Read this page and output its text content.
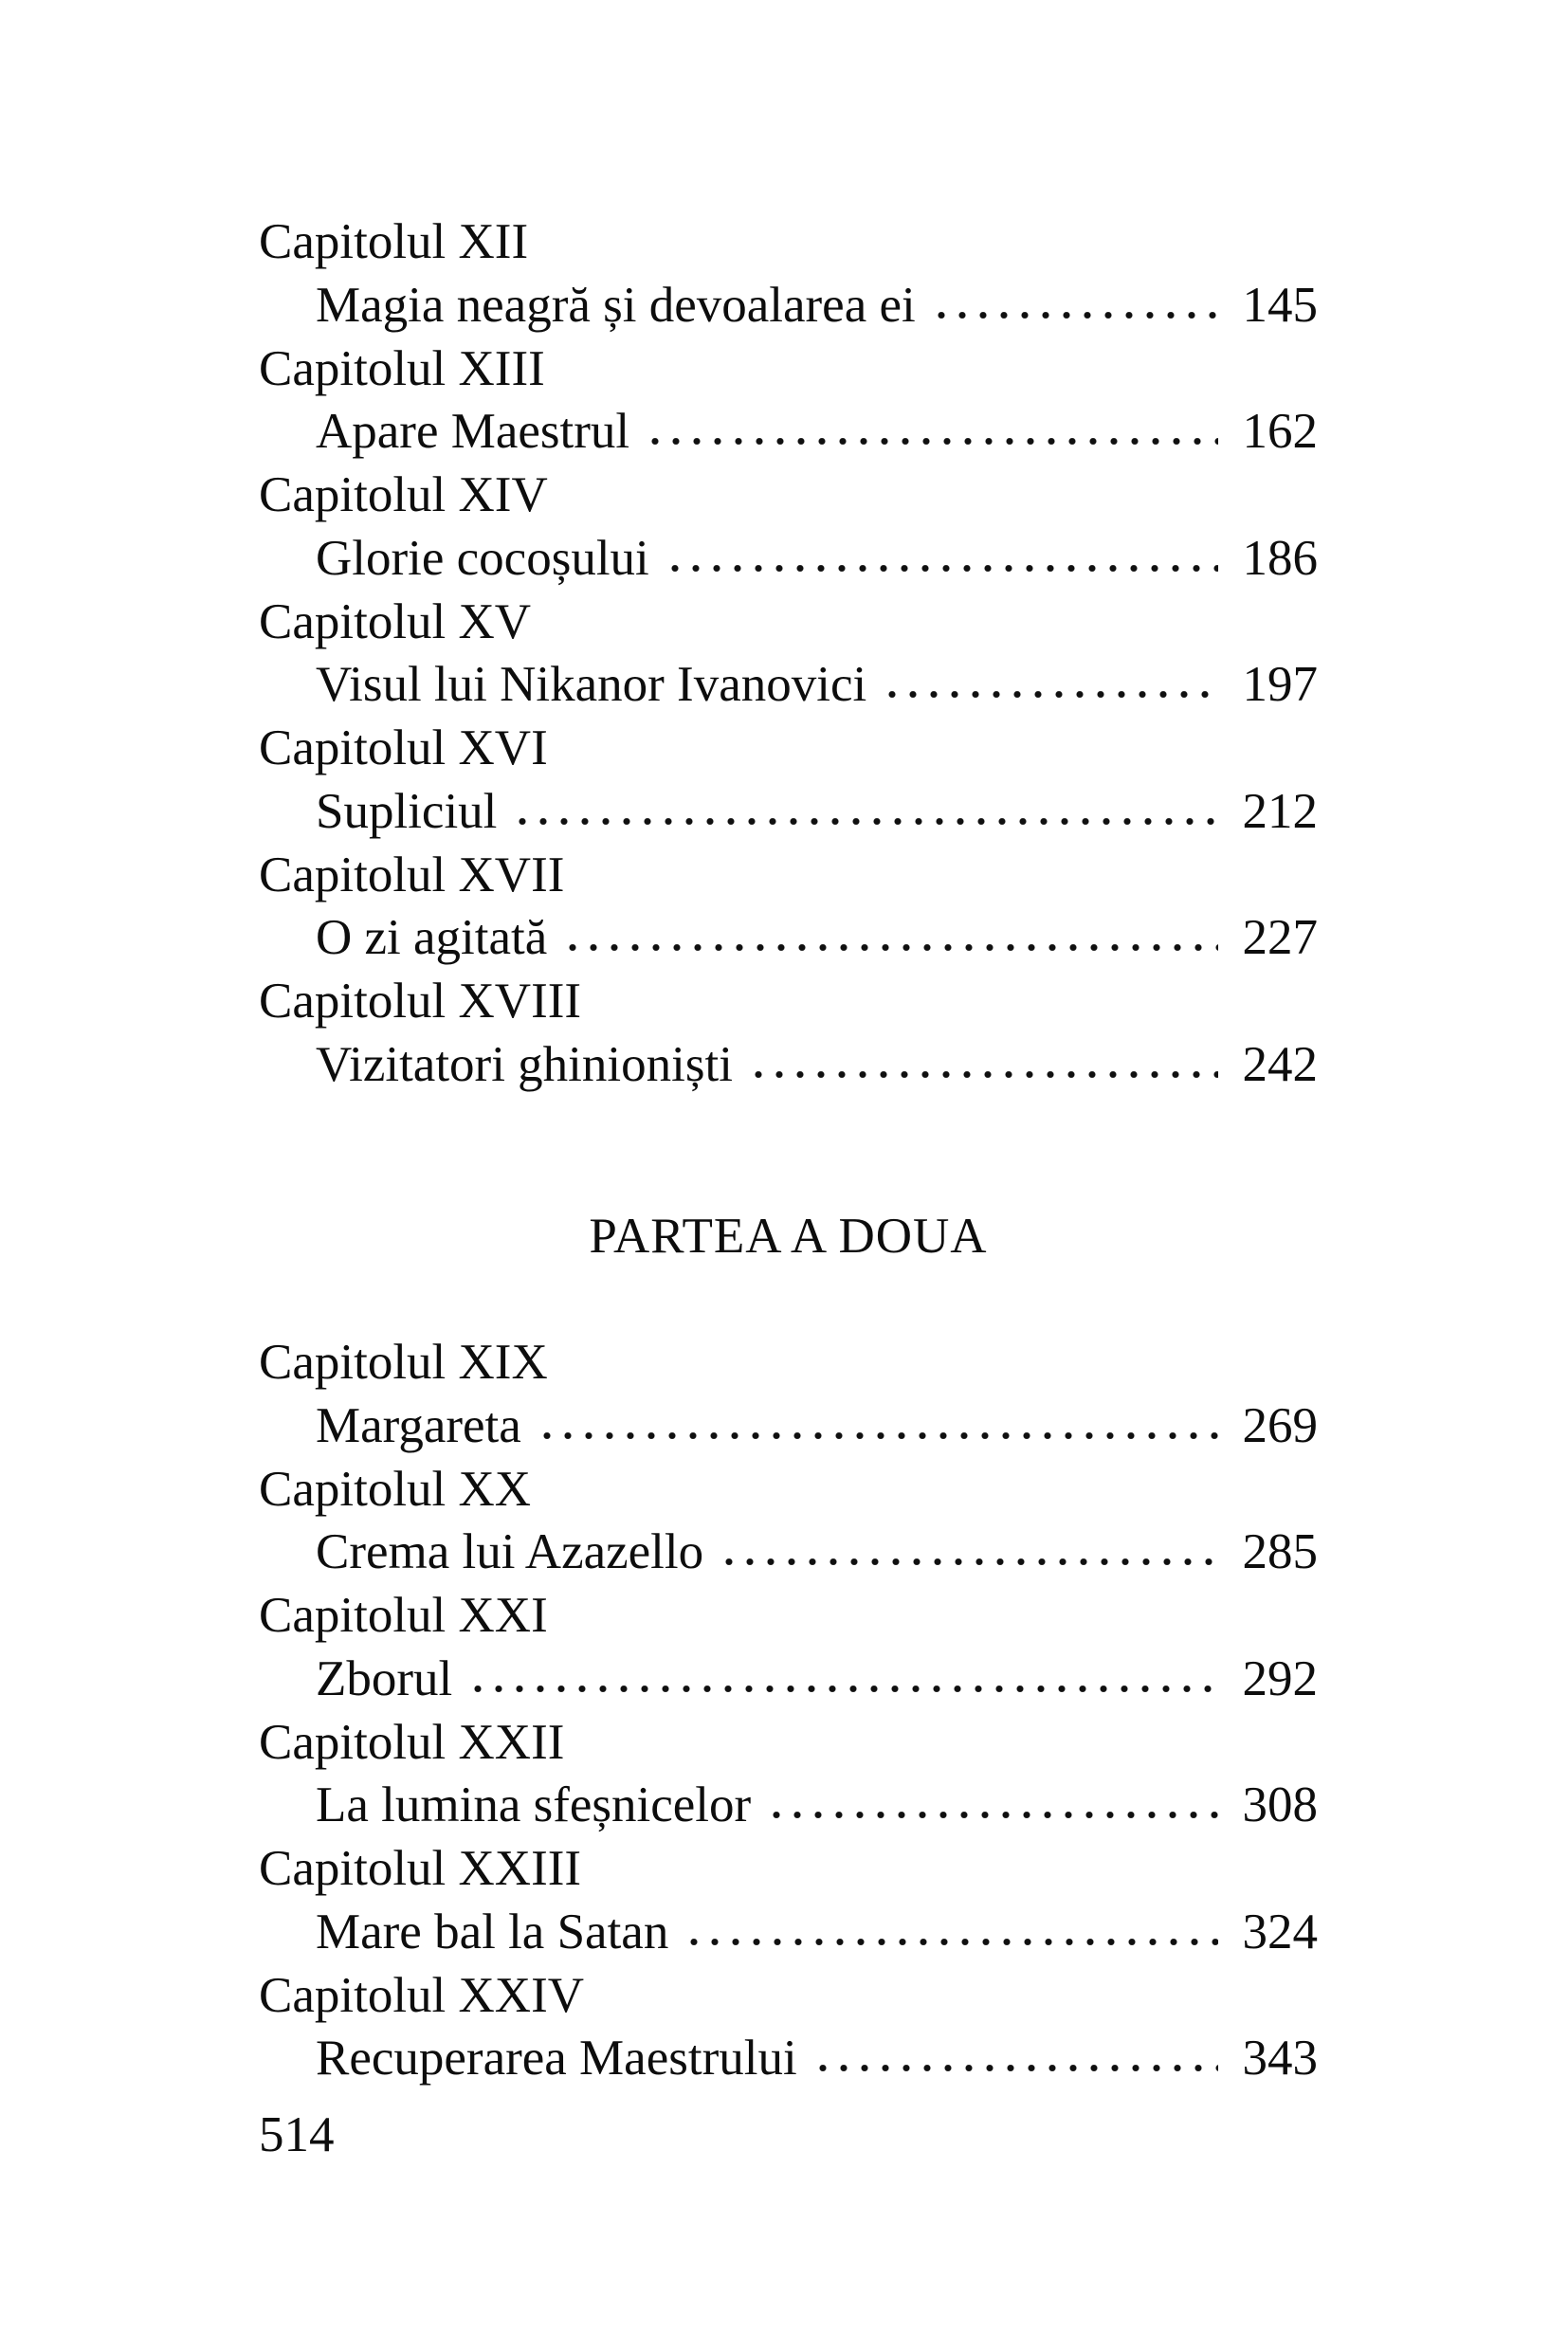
Capitolul XII
Magia neagră și devoalarea ei	145
Capitolul XIII
Apare Maestrul	162
Capitolul XIV
Glorie cocoșului	186
Capitolul XV
Visul lui Nikanor Ivanovici	197
Capitolul XVI
Supliciul	212
Capitolul XVII
O zi agitată	227
Capitolul XVIII
Vizitatori ghinioniști	242
PARTEA A DOUA
Capitolul XIX
Margareta	269
Capitolul XX
Crema lui Azazello	285
Capitolul XXI
Zborul	292
Capitolul XXII
La lumina sfeșnicelor	308
Capitolul XXIII
Mare bal la Satan	324
Capitolul XXIV
Recuperarea Maestrului	343
514
